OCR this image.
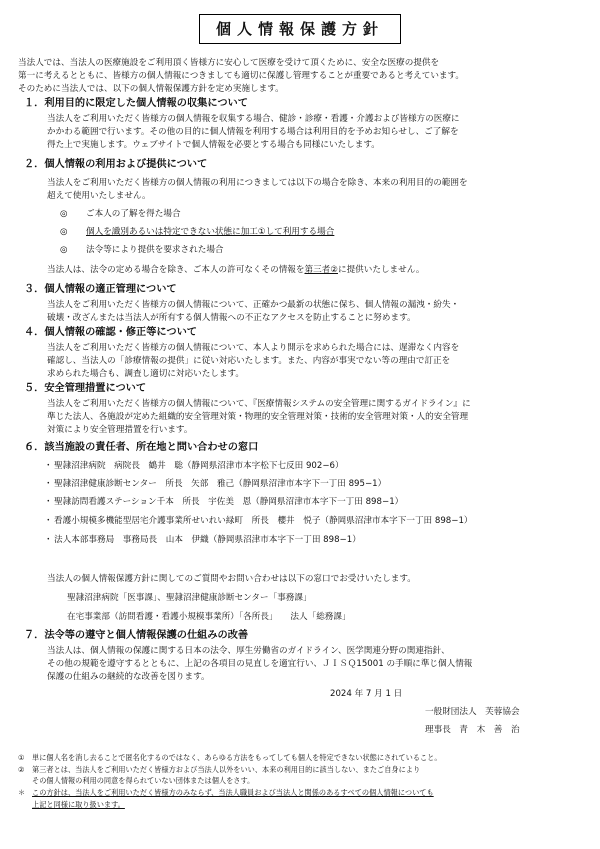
個人情報保護方針
当法人では、当法人の医療施設をご利用頂く皆様方に安心して医療を受けて頂くために、安全な医療の提供を
第一に考えるとともに、皆様方の個人情報につきましても適切に保護し管理することが重要であると考えています。
そのために当法人では、以下の個人情報保護方針を定め実施します。
１．利用目的に限定した個人情報の収集について
当法人をご利用いただく皆様方の個人情報を収集する場合、健診・診療・看護・介護および皆様方の医療に
かかわる範囲で行います。その他の目的に個人情報を利用する場合は利用目的を予めお知らせし、ご了解を
得た上で実施します。ウェブサイトで個人情報を必要とする場合も同様にいたします。
２．個人情報の利用および提供について
当法人をご利用いただく皆様方の個人情報の利用につきましては以下の場合を除き、本来の利用目的の範囲を
超えて使用いたしません。
◎ ご本人の了解を得た場合
◎ 個人を識別あるいは特定できない状態に加工①して利用する場合
◎ 法令等により提供を要求された場合
当法人は、法令の定める場合を除き、ご本人の許可なくその情報を第三者②に提供いたしません。
３．個人情報の適正管理について
当法人をご利用いただく皆様方の個人情報について、正確かつ最新の状態に保ち、個人情報の漏洩・紛失・
破壊・改ざんまたは当法人が所有する個人情報への不正なアクセスを防止することに努めます。
４．個人情報の確認・修正等について
当法人をご利用いただく皆様方の個人情報について、本人より開示を求められた場合には、遅滞なく内容を
確認し、当法人の「診療情報の提供」に従い対応いたします。また、内容が事実でない等の理由で訂正を
求められた場合も、調査し適切に対応いたします。
５．安全管理措置について
当法人をご利用いただく皆様方の個人情報について、『医療情報システムの安全管理に関するガイドライン』に
準じた法人、各施設が定めた組織的安全管理対策・物理的安全管理対策・技術的安全管理対策・人的安全管理
対策により安全管理措置を行います。
６．該当施設の責任者、所在地と問い合わせの窓口
・聖隷沼津病院　病院長　鶴井　聡（静岡県沼津市本字松下七反田 902−6）
・聖隷沼津健康診断センター　所長　矢部　雅己（静岡県沼津市本字下一丁田 895−1）
・聖隷訪問看護ステーション千本　所長　宇佐美　恩（静岡県沼津市本字下一丁田 898−1）
・看護小規模多機能型居宅介護事業所せいれい緑町　所長　櫻井　悦子（静岡県沼津市本字下一丁田 898−1）
・法人本部事務局　事務局長　山本　伊織（静岡県沼津市本字下一丁田 898−1）
当法人の個人情報保護方針に関してのご質問やお問い合わせは以下の窓口でお受けいたします。
聖隷沼津病院「医事課」、聖隷沼津健康診断センター「事務課」
在宅事業部（訪問看護・看護小規模事業所）「各所長」　　法人「総務課」
７．法令等の遵守と個人情報保護の仕組みの改善
当法人は、個人情報の保護に関する日本の法令、厚生労働省のガイドライン、医学関連分野の関連指針、
その他の規範を遵守するとともに、上記の各項目の見直しを適宜行い、ＪＩＳＱ15001 の手順に準じ個人情報
保護の仕組みの継続的な改善を図ります。
2024 年 7 月 1 日
一般財団法人　芙蓉協会
理事長　青　木　善　治
① 単に個人名を消し去ることで匿名化するのではなく、あらゆる方法をもってしても個人を特定できない状態にされていること。
② 第三者とは、当法人をご利用いただく皆様方および当法人以外をいい、本来の利用目的に該当しない、またご自身により
その個人情報の利用の同意を得られていない団体または個人をさす。
＊ この方針は、当法人をご利用いただく皆様方のみならず、当法人職員および当法人と関係のあるすべての個人情報についても
上記と同様に取り扱います。
